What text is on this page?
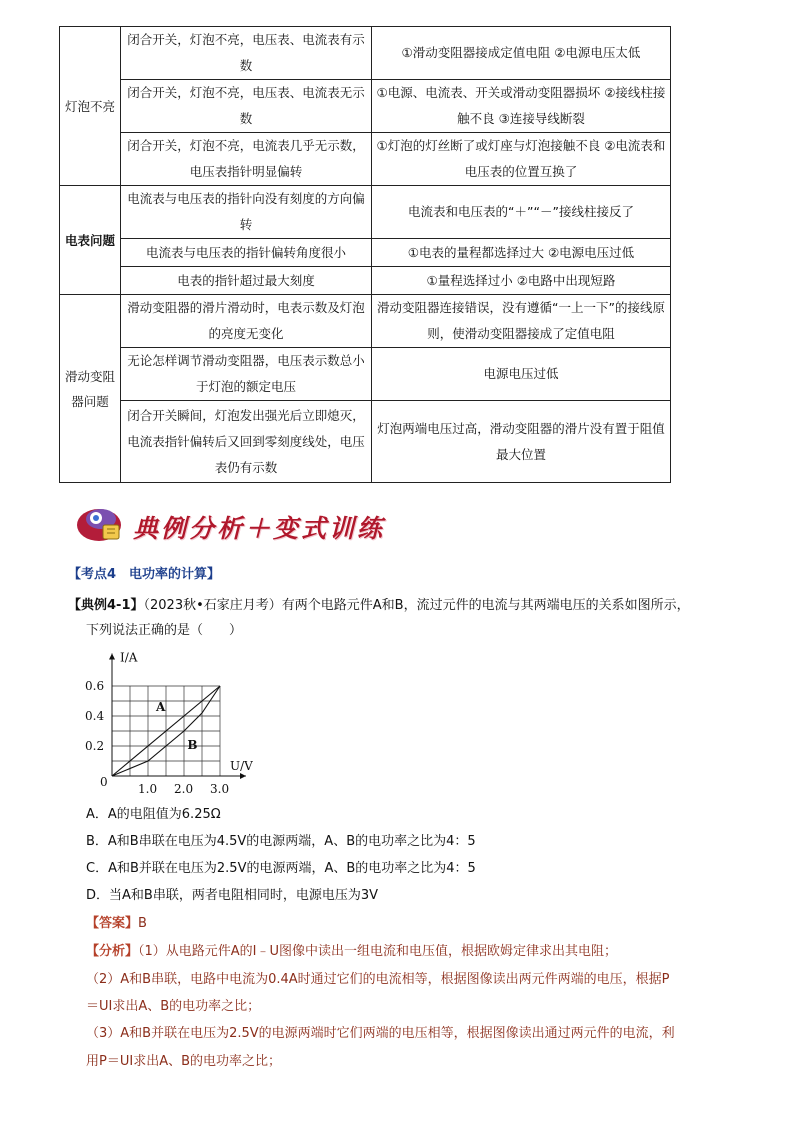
灯泡不亮	闭合开关，灯泡不亮，电压表、电流表有示数	①滑动变阻器接成定值电阻 ②电源电压太低
	闭合开关，灯泡不亮，电压表、电流表无示数	①电源、电流表、开关或滑动变阻器损坏 ②接线柱接触不良 ③连接导线断裂
	闭合开关，灯泡不亮，电流表几乎无示数，电压表指针明显偏转	①灯泡的灯丝断了或灯座与灯泡接触不良 ②电流表和电压表的位置互换了
电表问题	电流表与电压表的指针向没有刻度的方向偏转	电流表和电压表的“＋”“－”接线柱接反了
	电流表与电压表的指针偏转角度很小	①电表的量程都选择过大 ②电源电压过低
	电表的指针超过最大刻度	①量程选择过小 ②电路中出现短路
滑动变阻器问题	滑动变阻器的滑片滑动时，电表示数及灯泡的亮度无变化	滑动变阻器连接错误，没有遵循“一上一下”的接线原则，使滑动变阻器接成了定值电阻
	无论怎样调节滑动变阻器，电压表示数总小于灯泡的额定电压	电源电压过低
	闭合开关瞬间，灯泡发出强光后立即熄灭，电流表指针偏转后又回到零刻度线处，电压表仍有示数	灯泡两端电压过高，滑动变阻器的滑片没有置于阻值最大位置
典例分析＋变式训练
【考点4　电功率的计算】
【典例4-1】（2023秋•石家庄月考）有两个电路元件A和B，流过元件的电流与其两端电压的关系如图所示，
下列说法正确的是（　　）
I/A
U/V
0	1.0 2.0 3.0
0.2
0.4
0.6
A
B
A．A的电阻值为6.25Ω
B．A和B串联在电压为4.5V的电源两端，A、B的电功率之比为4：5
C．A和B并联在电压为2.5V的电源两端，A、B的电功率之比为4：5
D．当A和B串联，两者电阻相同时，电源电压为3V
【答案】B
【分析】（1）从电路元件A的I﹣U图像中读出一组电流和电压值，根据欧姆定律求出其电阻；
（2）A和B串联，电路中电流为0.4A时通过它们的电流相等，根据图像读出两元件两端的电压，根据P
＝UI求出A、B的电功率之比；
（3）A和B并联在电压为2.5V的电源两端时它们两端的电压相等，根据图像读出通过两元件的电流，利
用P＝UI求出A、B的电功率之比；
